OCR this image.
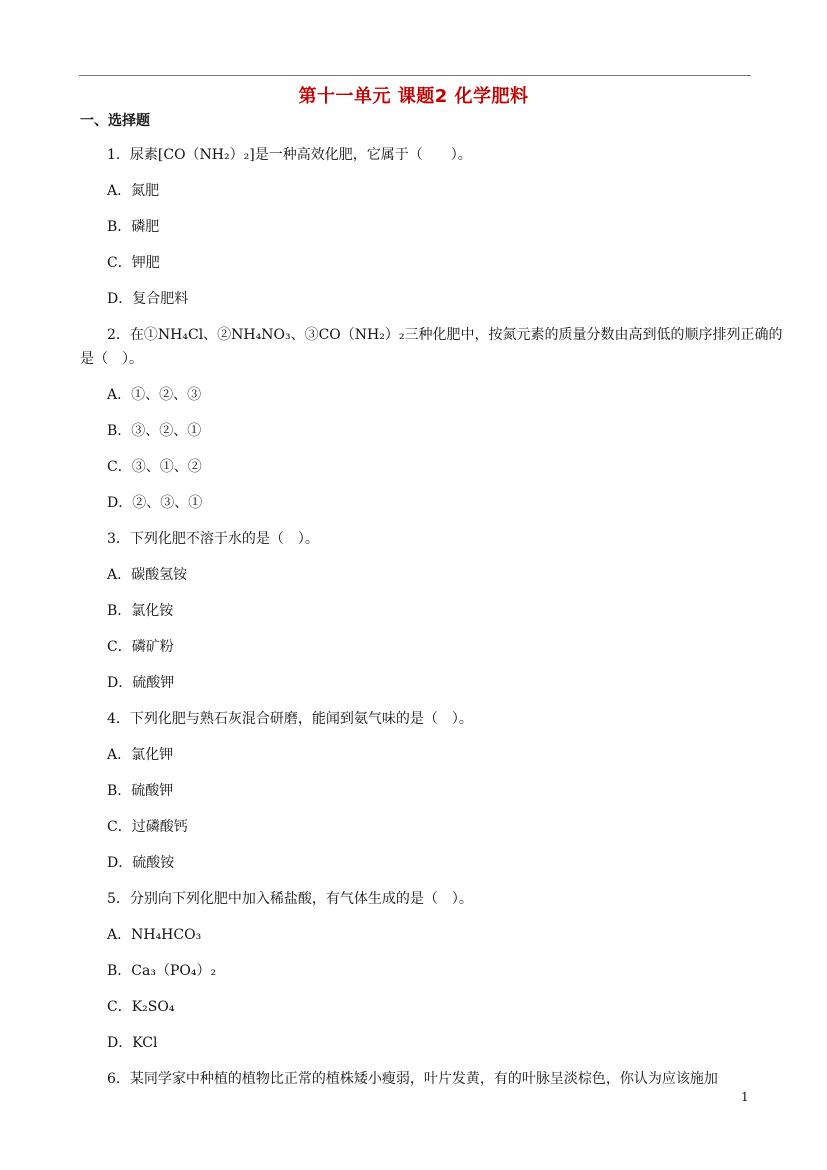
第十一单元 课题2 化学肥料
一、选择题
1．尿素[CO（NH₂）₂]是一种高效化肥，它属于（　　）。
A．氮肥
B．磷肥
C．钾肥
D．复合肥料
2．在①NH₄Cl、②NH₄NO₃、③CO（NH₂）₂三种化肥中，按氮元素的质量分数由高到低的顺序排列正确的
是（　）。
A．①、②、③
B．③、②、①
C．③、①、②
D．②、③、①
3．下列化肥不溶于水的是（　）。
A．碳酸氢铵
B．氯化铵
C．磷矿粉
D．硫酸钾
4．下列化肥与熟石灰混合研磨，能闻到氨气味的是（　）。
A．氯化钾
B．硫酸钾
C．过磷酸钙
D．硫酸铵
5．分别向下列化肥中加入稀盐酸，有气体生成的是（　）。
A．NH₄HCO₃
B．Ca₃（PO₄）₂
C．K₂SO₄
D．KCl
6．某同学家中种植的植物比正常的植株矮小瘦弱，叶片发黄，有的叶脉呈淡棕色，你认为应该施加
1
